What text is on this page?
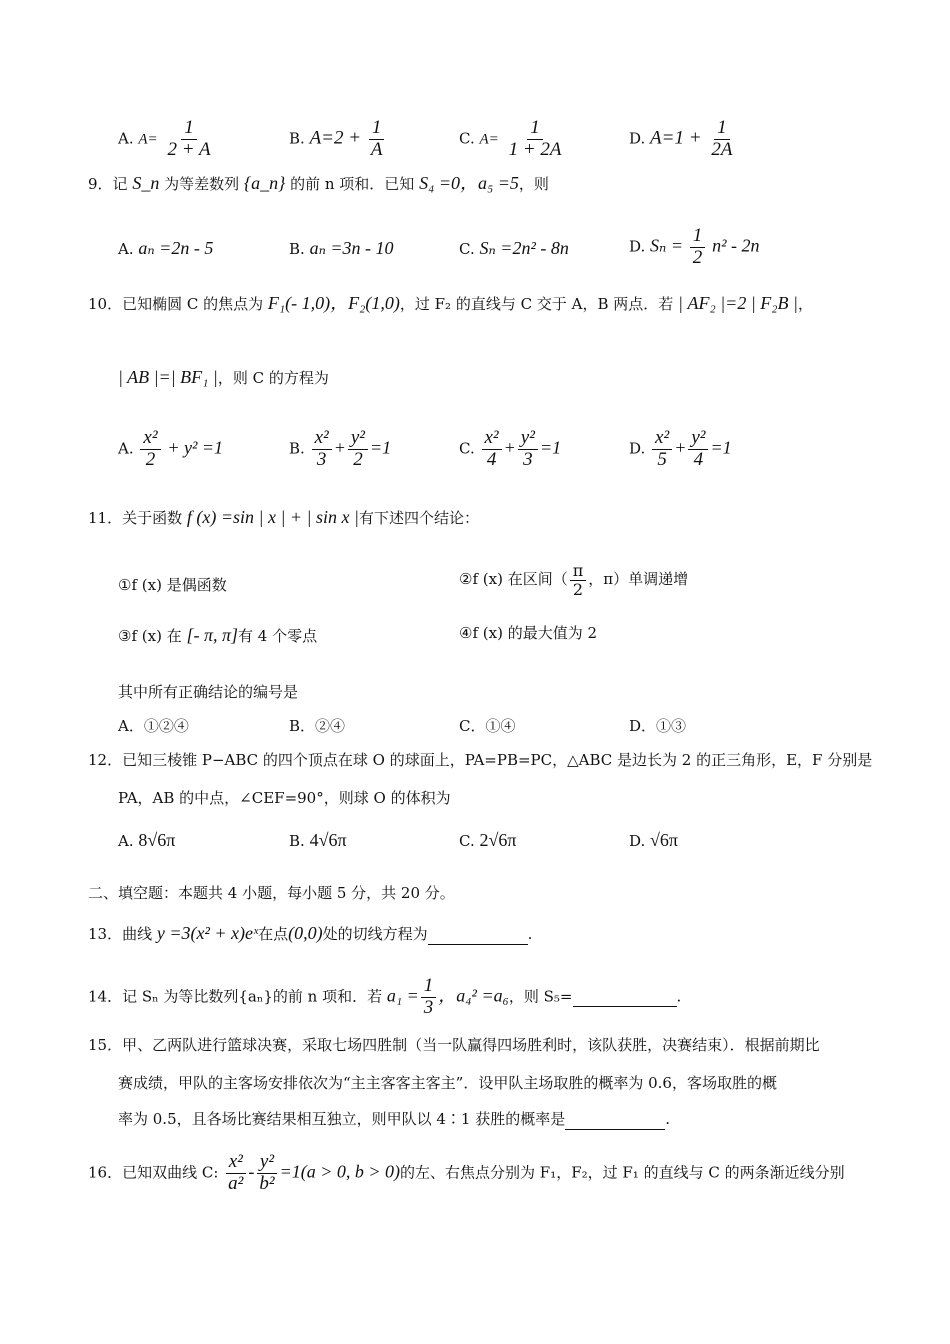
A. $A= \frac{1}{2 + A}$	B. $A=2 + \frac{1}{A}$	C. $A= \frac{1}{1 + 2A}$	D. $A=1 + \frac{1}{2A}$
9．记 S_n 为等差数列 {a_n} 的前 n 项和．已知 S₄ =0，a₅ =5，则
A. aₙ =2n - 5	B. aₙ =3n - 10	C. Sₙ =2n² - 8n	D. $S_n = \frac{1}{2} n^2 - 2n$
10．已知椭圆 C 的焦点为 F₁(- 1,0)，F₂(1,0)，过 F₂ 的直线与 C 交于 A，B 两点．若 | AF₂ |=2 | F₂B |，
| AB |=| BF₁ |，则 C 的方程为
A. $\frac{\text{x²}}{2} + y^2 =1$	B. $\frac{\text{x²}}{3} + \frac{\text{y²}}{2} =1$	C. $\frac{\text{x²}}{4} + \frac{\text{y²}}{3} =1$	D. $\frac{\text{x²}}{5} + \frac{\text{y²}}{4} =1$
11．关于函数 f (x) =sin | x | + | sin x |有下述四个结论：
①f (x) 是偶函数	②f (x) 在区间（ $\frac{\pi}{2}$ ，π）单调递增
③f (x) 在 [- π, π]有 4 个零点	④f (x) 的最大值为 2
其中所有正确结论的编号是
A．①②④	B．②④	C．①④	D．①③
12．已知三棱锥 P−ABC 的四个顶点在球 O 的球面上，PA=PB=PC，△ABC 是边长为 2 的正三角形，E，F 分别是
PA，AB 的中点，∠CEF=90°，则球 O 的体积为
A. 8√6π	B. 4√6π	C. 2√6π	D. √6π
二、填空题：本题共 4 小题，每小题 5 分，共 20 分。
13．曲线 y =3(x² + x)eˣ在点(0,0)处的切线方程为	.
14．记 Sₙ 为等比数列{aₙ}的前 n 项和．若 $a_1 = \frac{1}{3}$ ，a₄² =a₆，则 S₅=	.
15．甲、乙两队进行篮球决赛，采取七场四胜制（当一队赢得四场胜利时，该队获胜，决赛结束）．根据前期比
赛成绩，甲队的主客场安排依次为“主主客客主客主”．设甲队主场取胜的概率为 0.6，客场取胜的概
率为 0.5，且各场比赛结果相互独立，则甲队以 4∶1 获胜的概率是	.
16．已知双曲线 C: $\frac{\text{x²}}{\text{a²}} - \frac{\text{y²}}{\text{b²}} =1(a > 0$, b > 0)的左、右焦点分别为 F₁，F₂，过 F₁ 的直线与 C 的两条渐近线分别
